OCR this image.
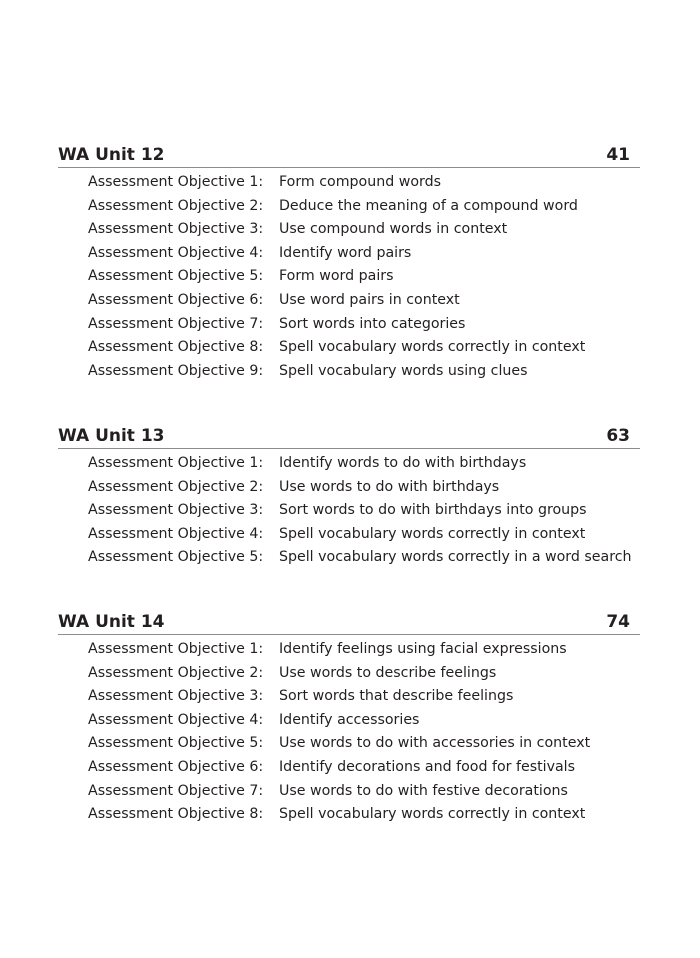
WA Unit 12	41
Assessment Objective 1: Form compound words
Assessment Objective 2: Deduce the meaning of a compound word
Assessment Objective 3: Use compound words in context
Assessment Objective 4: Identify word pairs
Assessment Objective 5: Form word pairs
Assessment Objective 6: Use word pairs in context
Assessment Objective 7: Sort words into categories
Assessment Objective 8: Spell vocabulary words correctly in context
Assessment Objective 9: Spell vocabulary words using clues
WA Unit 13	63
Assessment Objective 1: Identify words to do with birthdays
Assessment Objective 2: Use words to do with birthdays
Assessment Objective 3: Sort words to do with birthdays into groups
Assessment Objective 4: Spell vocabulary words correctly in context
Assessment Objective 5: Spell vocabulary words correctly in a word search
WA Unit 14	74
Assessment Objective 1: Identify feelings using facial expressions
Assessment Objective 2: Use words to describe feelings
Assessment Objective 3: Sort words that describe feelings
Assessment Objective 4: Identify accessories
Assessment Objective 5: Use words to do with accessories in context
Assessment Objective 6: Identify decorations and food for festivals
Assessment Objective 7: Use words to do with festive decorations
Assessment Objective 8: Spell vocabulary words correctly in context
